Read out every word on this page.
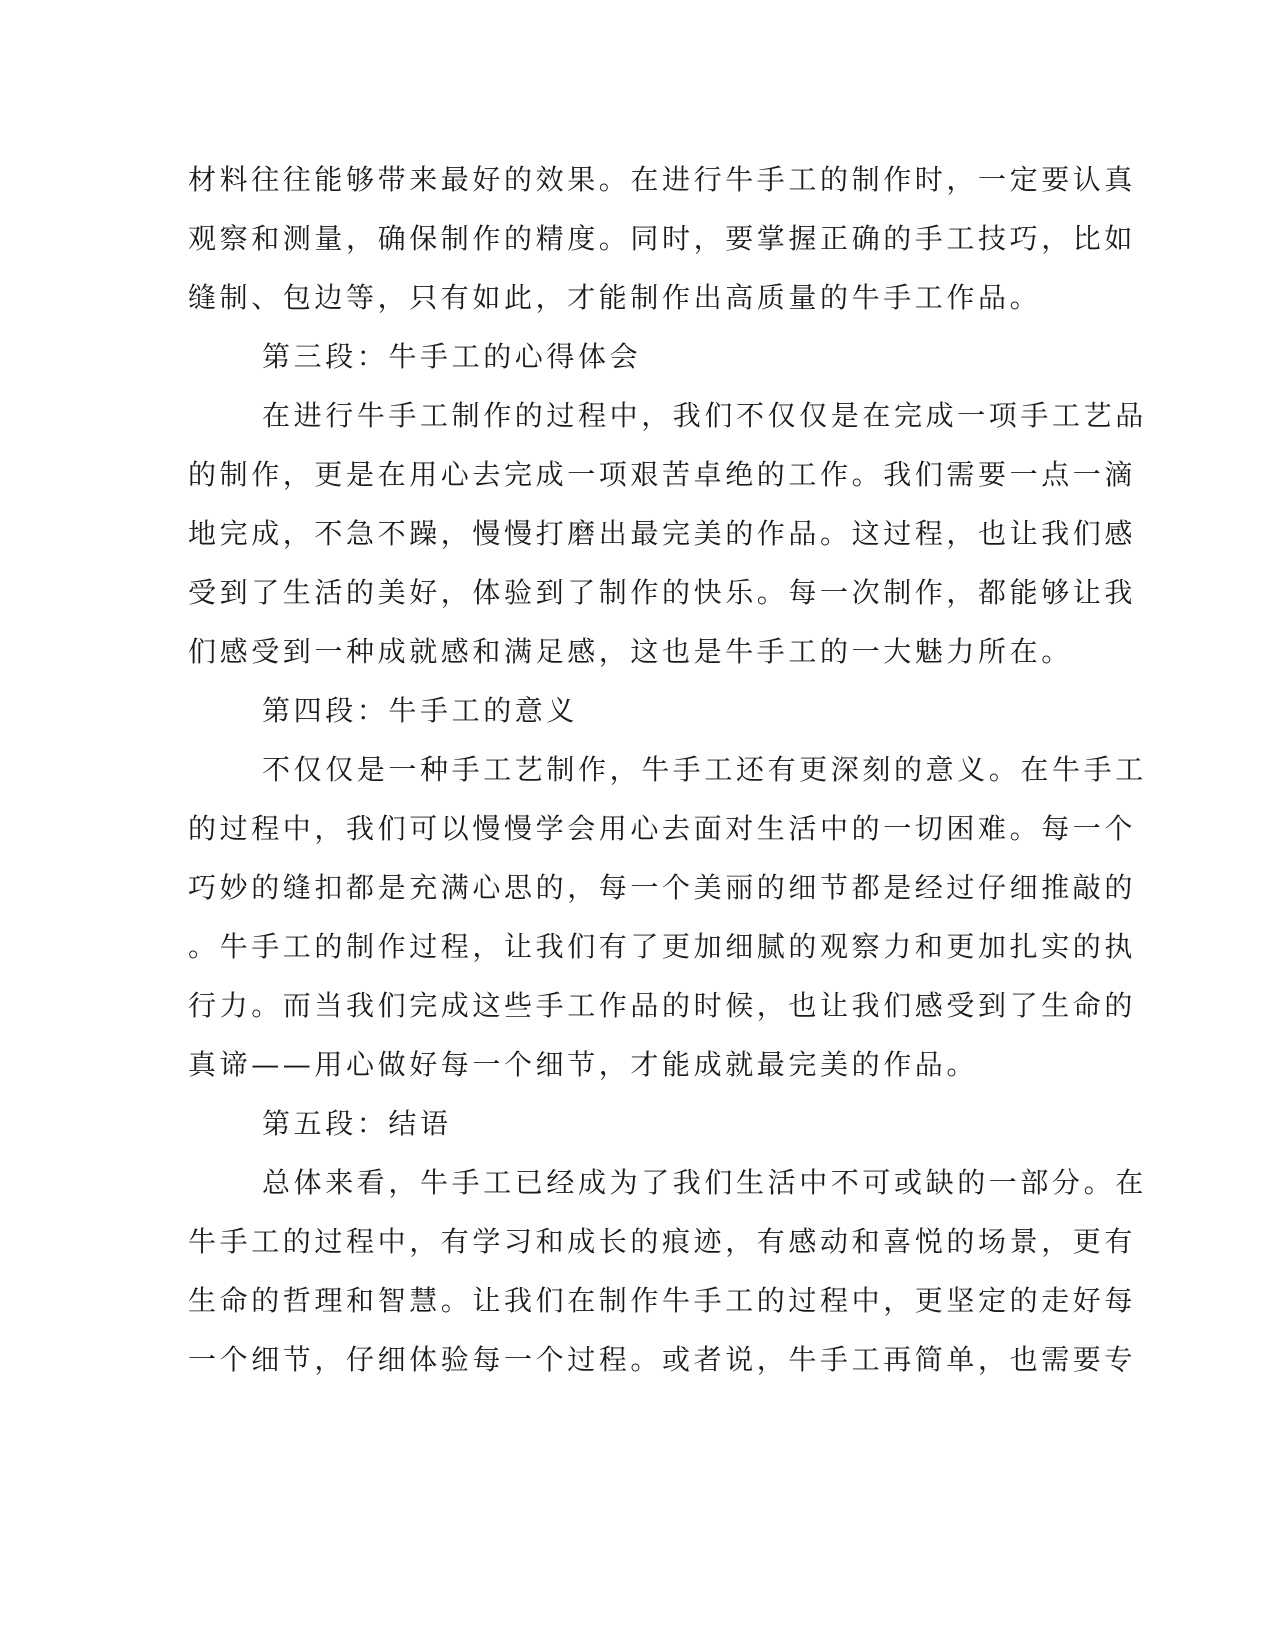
材料往往能够带来最好的效果。在进行牛手工的制作时，一定要认真
观察和测量，确保制作的精度。同时，要掌握正确的手工技巧，比如
缝制、包边等，只有如此，才能制作出高质量的牛手工作品。
第三段：牛手工的心得体会
在进行牛手工制作的过程中，我们不仅仅是在完成一项手工艺品
的制作，更是在用心去完成一项艰苦卓绝的工作。我们需要一点一滴
地完成，不急不躁，慢慢打磨出最完美的作品。这过程，也让我们感
受到了生活的美好，体验到了制作的快乐。每一次制作，都能够让我
们感受到一种成就感和满足感，这也是牛手工的一大魅力所在。
第四段：牛手工的意义
不仅仅是一种手工艺制作，牛手工还有更深刻的意义。在牛手工
的过程中，我们可以慢慢学会用心去面对生活中的一切困难。每一个
巧妙的缝扣都是充满心思的，每一个美丽的细节都是经过仔细推敲的
。牛手工的制作过程，让我们有了更加细腻的观察力和更加扎实的执
行力。而当我们完成这些手工作品的时候，也让我们感受到了生命的
真谛——用心做好每一个细节，才能成就最完美的作品。
第五段：结语
总体来看，牛手工已经成为了我们生活中不可或缺的一部分。在
牛手工的过程中，有学习和成长的痕迹，有感动和喜悦的场景，更有
生命的哲理和智慧。让我们在制作牛手工的过程中，更坚定的走好每
一个细节，仔细体验每一个过程。或者说，牛手工再简单，也需要专
